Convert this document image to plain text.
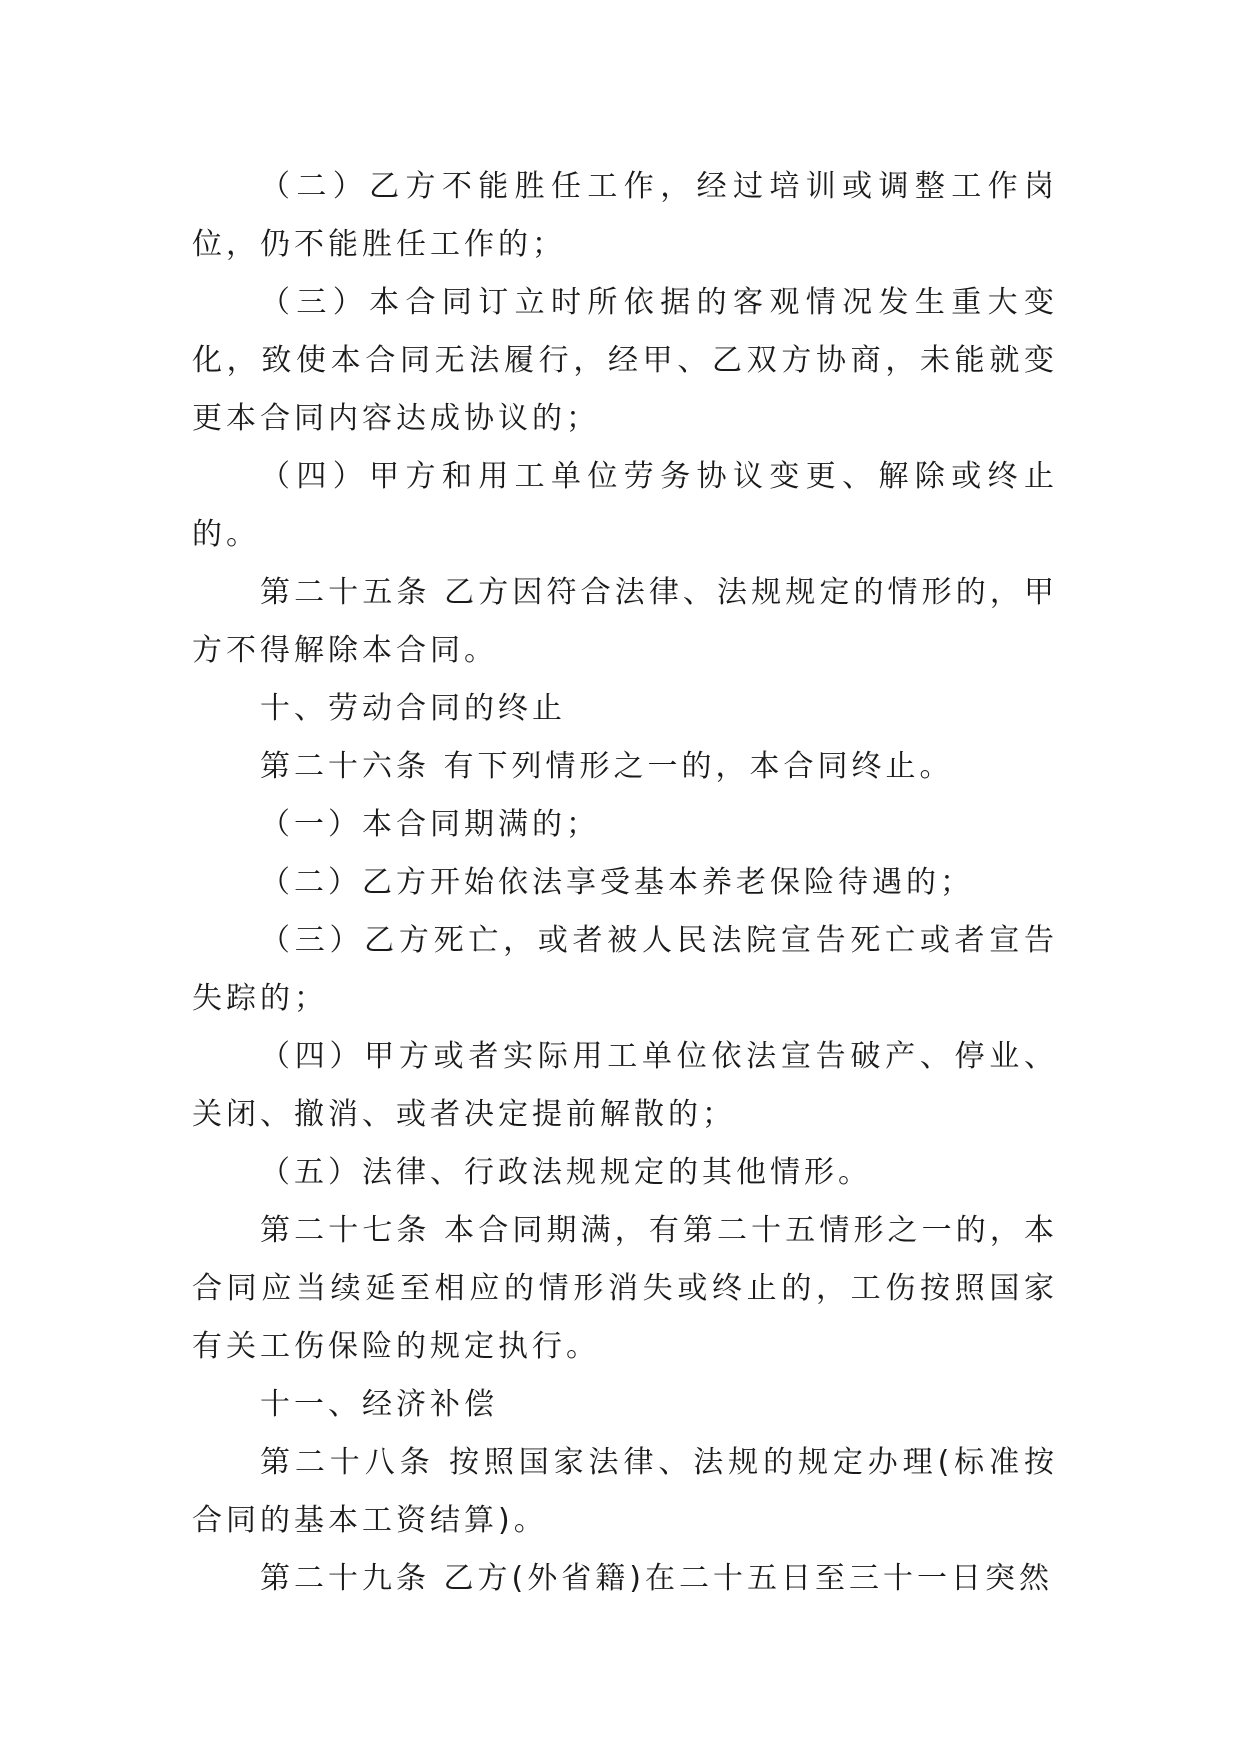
（二）乙方不能胜任工作，经过培训或调整工作岗位，仍不能胜任工作的；

（三）本合同订立时所依据的客观情况发生重大变化，致使本合同无法履行，经甲、乙双方协商，未能就变更本合同内容达成协议的；

（四）甲方和用工单位劳务协议变更、解除或终止的。

第二十五条 乙方因符合法律、法规规定的情形的，甲方不得解除本合同。

十、劳动合同的终止

第二十六条 有下列情形之一的，本合同终止。

（一）本合同期满的；

（二）乙方开始依法享受基本养老保险待遇的；

（三）乙方死亡，或者被人民法院宣告死亡或者宣告失踪的；

（四）甲方或者实际用工单位依法宣告破产、停业、关闭、撤消、或者决定提前解散的；

（五）法律、行政法规规定的其他情形。

第二十七条 本合同期满，有第二十五情形之一的，本合同应当续延至相应的情形消失或终止的，工伤按照国家有关工伤保险的规定执行。

十一、经济补偿

第二十八条 按照国家法律、法规的规定办理(标准按合同的基本工资结算)。

第二十九条 乙方(外省籍)在二十五日至三十一日突然
